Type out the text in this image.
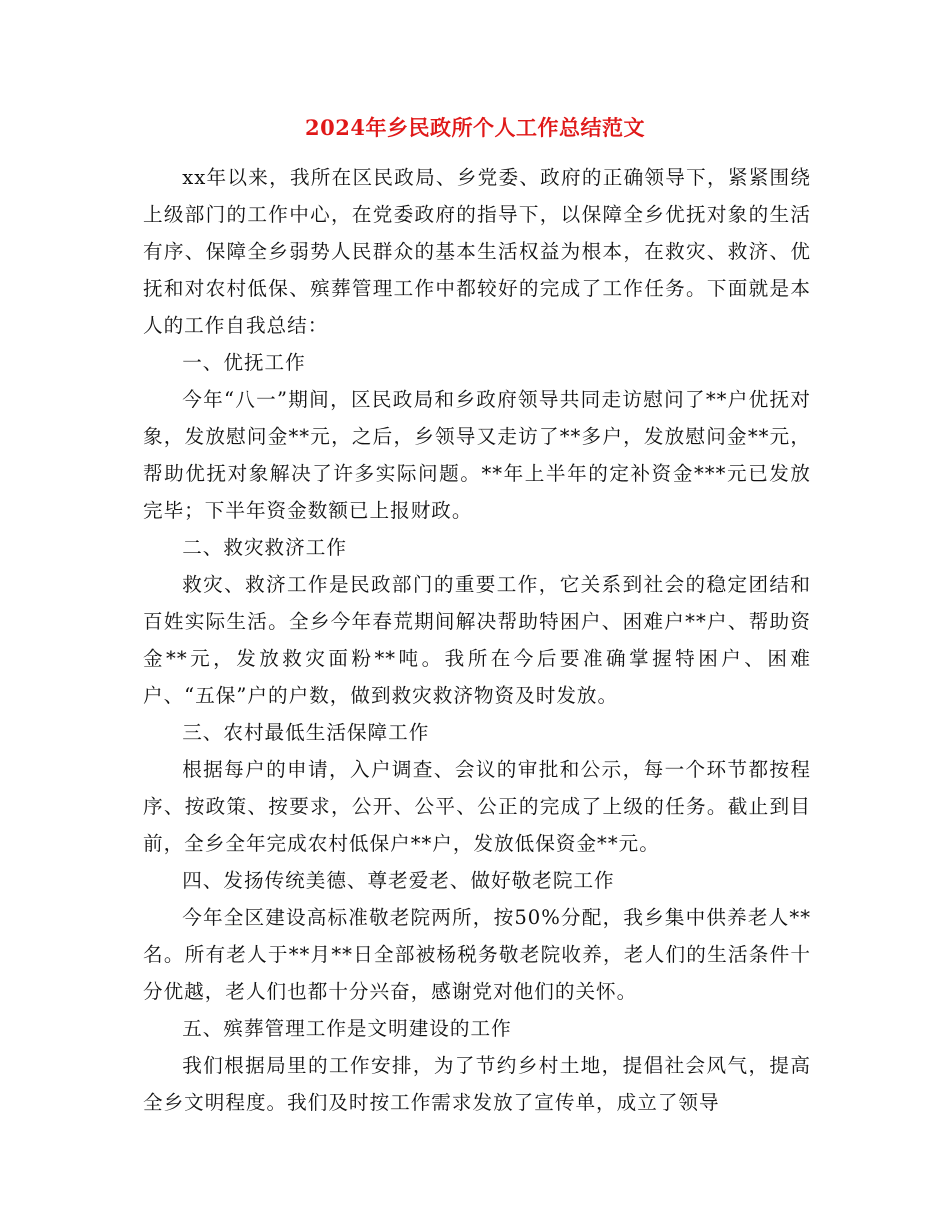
2024年乡民政所个人工作总结范文

xx年以来，我所在区民政局、乡党委、政府的正确领导下，紧紧围绕上级部门的工作中心，在党委政府的指导下，以保障全乡优抚对象的生活有序、保障全乡弱势人民群众的基本生活权益为根本，在救灾、救济、优抚和对农村低保、殡葬管理工作中都较好的完成了工作任务。下面就是本人的工作自我总结：

一、优抚工作

今年“八一”期间，区民政局和乡政府领导共同走访慰问了**户优抚对象，发放慰问金**元，之后，乡领导又走访了**多户，发放慰问金**元，帮助优抚对象解决了许多实际问题。**年上半年的定补资金***元已发放完毕；下半年资金数额已上报财政。

二、救灾救济工作

救灾、救济工作是民政部门的重要工作，它关系到社会的稳定团结和百姓实际生活。全乡今年春荒期间解决帮助特困户、困难户**户、帮助资金**元，发放救灾面粉**吨。我所在今后要准确掌握特困户、困难户、“五保”户的户数，做到救灾救济物资及时发放。

三、农村最低生活保障工作

根据每户的申请，入户调查、会议的审批和公示，每一个环节都按程序、按政策、按要求，公开、公平、公正的完成了上级的任务。截止到目前，全乡全年完成农村低保户**户，发放低保资金**元。

四、发扬传统美德、尊老爱老、做好敬老院工作

今年全区建设高标准敬老院两所，按50%分配，我乡集中供养老人**名。所有老人于**月**日全部被杨税务敬老院收养，老人们的生活条件十分优越，老人们也都十分兴奋，感谢党对他们的关怀。

五、殡葬管理工作是文明建设的工作

我们根据局里的工作安排，为了节约乡村土地，提倡社会风气，提高全乡文明程度。我们及时按工作需求发放了宣传单，成立了领导
